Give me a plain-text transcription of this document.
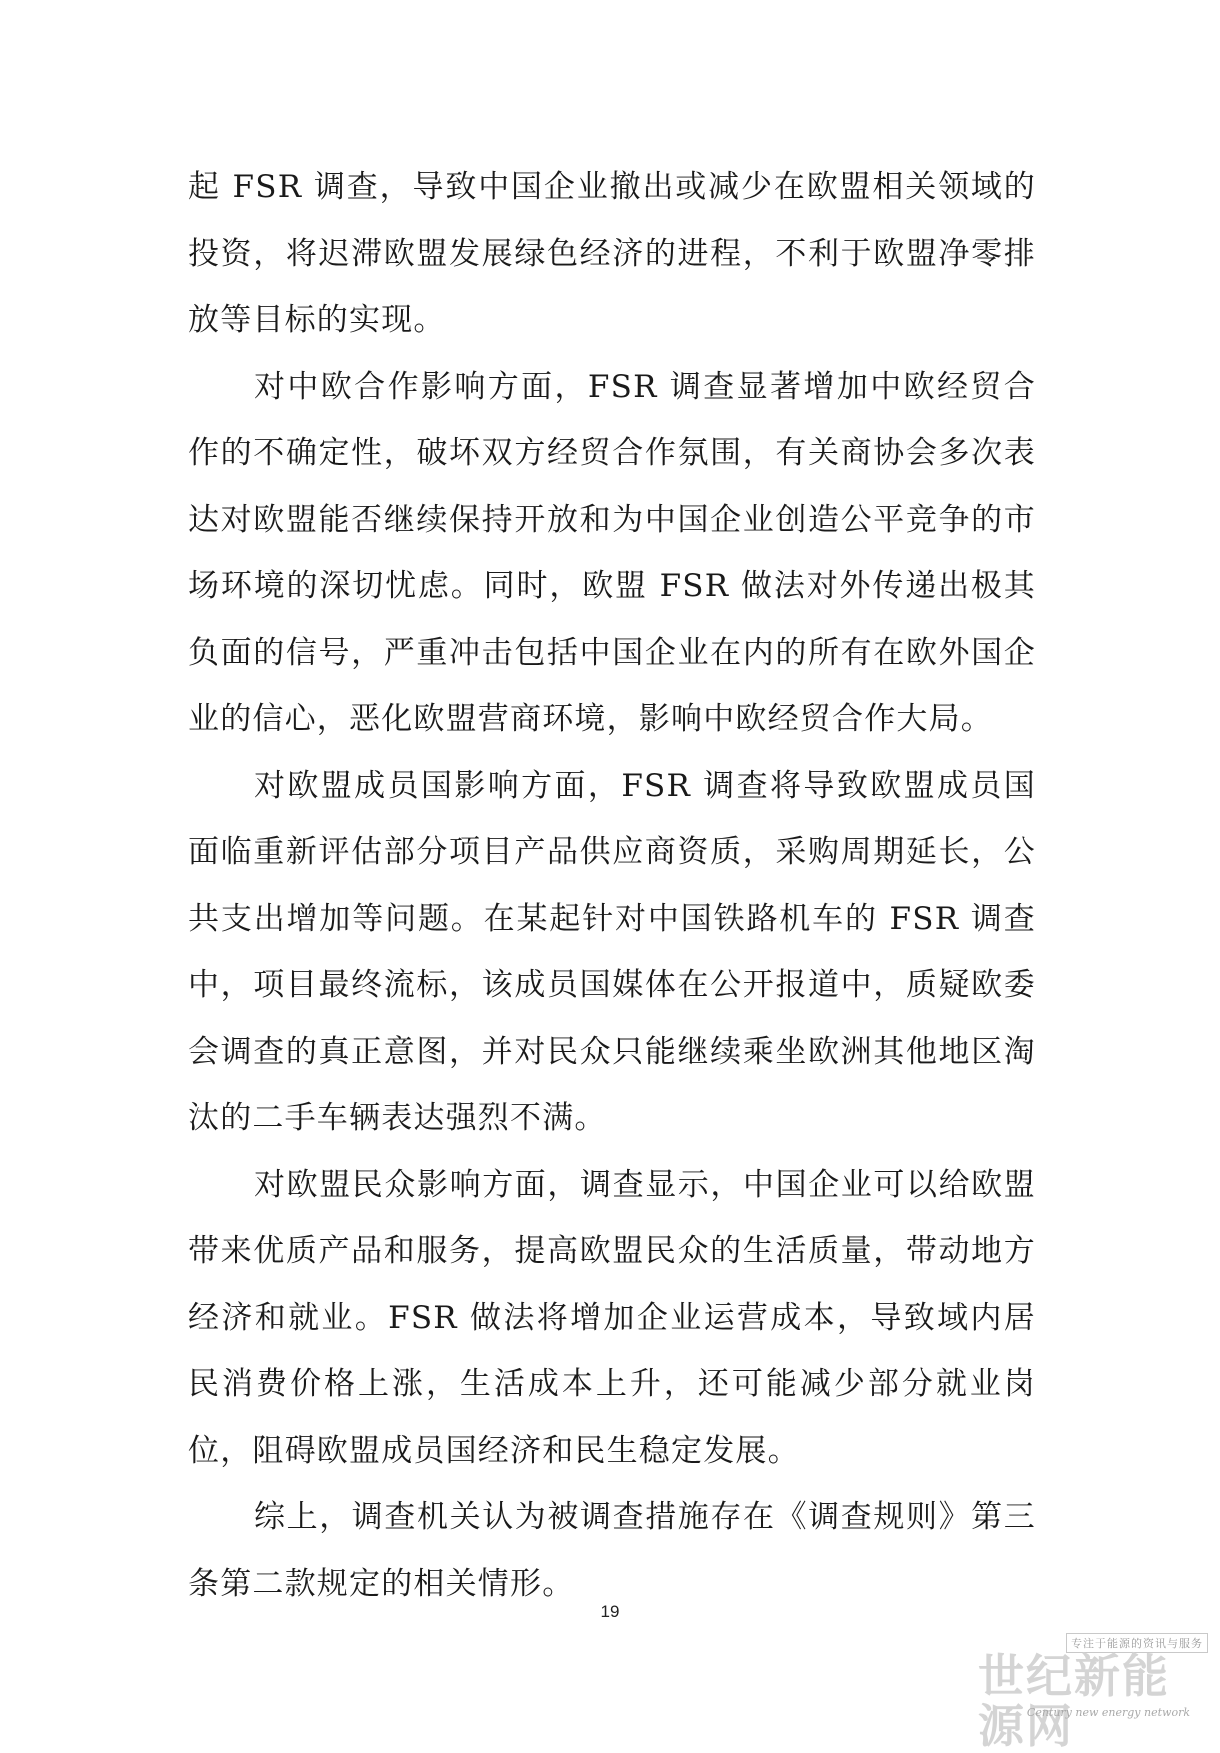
起 FSR 调查，导致中国企业撤出或减少在欧盟相关领域的投资，将迟滞欧盟发展绿色经济的进程，不利于欧盟净零排放等目标的实现。

对中欧合作影响方面，FSR 调查显著增加中欧经贸合作的不确定性，破坏双方经贸合作氛围，有关商协会多次表达对欧盟能否继续保持开放和为中国企业创造公平竞争的市场环境的深切忧虑。同时，欧盟 FSR 做法对外传递出极其负面的信号，严重冲击包括中国企业在内的所有在欧外国企业的信心，恶化欧盟营商环境，影响中欧经贸合作大局。

对欧盟成员国影响方面，FSR 调查将导致欧盟成员国面临重新评估部分项目产品供应商资质，采购周期延长，公共支出增加等问题。在某起针对中国铁路机车的 FSR 调查中，项目最终流标，该成员国媒体在公开报道中，质疑欧委会调查的真正意图，并对民众只能继续乘坐欧洲其他地区淘汰的二手车辆表达强烈不满。

对欧盟民众影响方面，调查显示，中国企业可以给欧盟带来优质产品和服务，提高欧盟民众的生活质量，带动地方经济和就业。FSR 做法将增加企业运营成本，导致域内居民消费价格上涨，生活成本上升，还可能减少部分就业岗位，阻碍欧盟成员国经济和民生稳定发展。

综上，调查机关认为被调查措施存在《调查规则》第三条第二款规定的相关情形。

19
专注于能源的资讯与服务
世纪新能源网
Century new energy network
